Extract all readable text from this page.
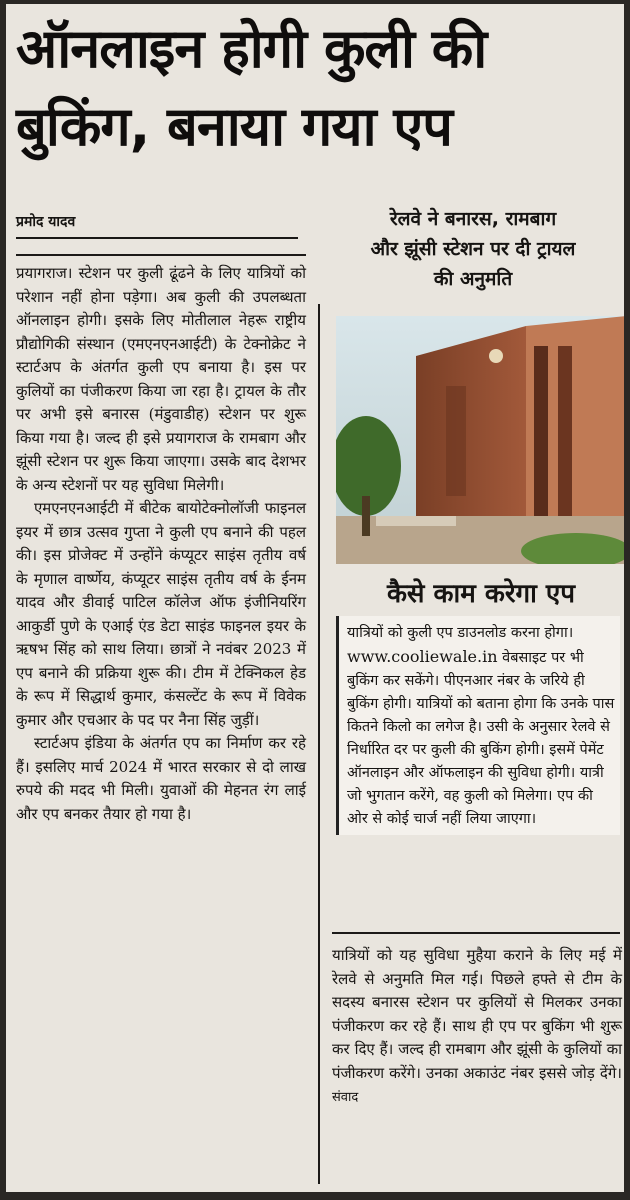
ऑनलाइन होगी कुली की
बुकिंग, बनाया गया एप
प्रमोद यादव	रेलवे ने बनारस, रामबाग
और झूंसी स्टेशन पर दी ट्रायल
की अनुमति

प्रयागराज। स्टेशन पर कुली ढूंढने के लिए यात्रियों को परेशान नहीं होना पड़ेगा। अब कुली की उपलब्धता ऑनलाइन होगी। इसके लिए मोतीलाल नेहरू राष्ट्रीय प्रौद्योगिकी संस्थान (एमएनएनआईटी) के टेक्नोक्रेट ने स्टार्टअप के अंतर्गत कुली एप बनाया है। इस पर कुलियों का पंजीकरण किया जा रहा है। ट्रायल के तौर पर अभी इसे बनारस (मंडुवाडीह) स्टेशन पर शुरू किया गया है। जल्द ही इसे प्रयागराज के रामबाग और झूंसी स्टेशन पर शुरू किया जाएगा। उसके बाद देशभर के अन्य स्टेशनों पर यह सुविधा मिलेगी।

एमएनएनआईटी में बीटेक बायोटेक्नोलॉजी फाइनल इयर में छात्र उत्सव गुप्ता ने कुली एप बनाने की पहल की। इस प्रोजेक्ट में उन्होंने कंप्यूटर साइंस तृतीय वर्ष के मृणाल वार्ष्णेय, कंप्यूटर साइंस तृतीय वर्ष के ईनम यादव और डीवाई पाटिल कॉलेज ऑफ इंजीनियरिंग आकुर्डी पुणे के एआई एंड डेटा साइंड फाइनल इयर के ऋषभ सिंह को साथ लिया। छात्रों ने नवंबर 2023 में एप बनाने की प्रक्रिया शुरू की। टीम में टेक्निकल हेड के रूप में सिद्धार्थ कुमार, कंसल्टेंट के रूप में विवेक कुमार और एचआर के पद पर नैना सिंह जुड़ीं।

स्टार्टअप इंडिया के अंतर्गत एप का निर्माण कर रहे हैं। इसलिए मार्च 2024 में भारत सरकार से दो लाख रुपये की मदद भी मिली। युवाओं की मेहनत रंग लाई और एप बनकर तैयार हो गया है।

कैसे काम करेगा एप

यात्रियों को कुली एप डाउनलोड करना होगा। www.cooliewale.in वेबसाइट पर भी बुकिंग कर सकेंगे। पीएनआर नंबर के जरिये ही बुकिंग होगी। यात्रियों को बताना होगा कि उनके पास कितने किलो का लगेज है। उसी के अनुसार रेलवे से निर्धारित दर पर कुली की बुकिंग होगी। इसमें पेमेंट ऑनलाइन और ऑफलाइन की सुविधा होगी। यात्री जो भुगतान करेंगे, वह कुली को मिलेगा। एप की ओर से कोई चार्ज नहीं लिया जाएगा।

यात्रियों को यह सुविधा मुहैया कराने के लिए मई में रेलवे से अनुमति मिल गई। पिछले हफ्ते से टीम के सदस्य बनारस स्टेशन पर कुलियों से मिलकर उनका पंजीकरण कर रहे हैं। साथ ही एप पर बुकिंग भी शुरू कर दिए हैं। जल्द ही रामबाग और झूंसी के कुलियों का पंजीकरण करेंगे। उनका अकाउंट नंबर इससे जोड़ देंगे। संवाद
